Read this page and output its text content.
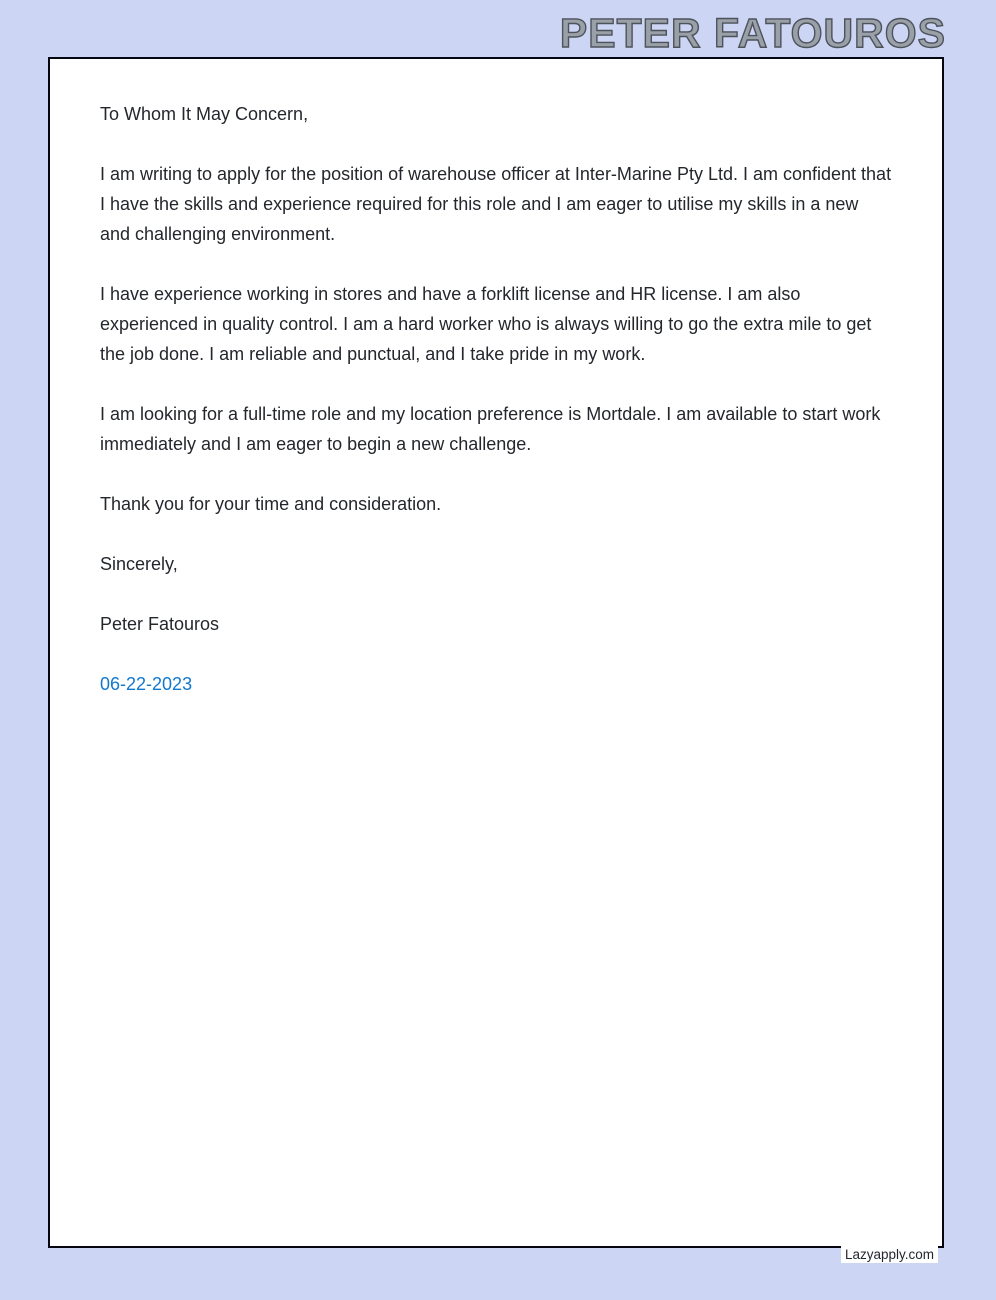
PETER FATOUROS

To Whom It May Concern,

I am writing to apply for the position of warehouse officer at Inter-Marine Pty Ltd. I am confident that I have the skills and experience required for this role and I am eager to utilise my skills in a new and challenging environment.

I have experience working in stores and have a forklift license and HR license. I am also experienced in quality control. I am a hard worker who is always willing to go the extra mile to get the job done. I am reliable and punctual, and I take pride in my work.

I am looking for a full-time role and my location preference is Mortdale. I am available to start work immediately and I am eager to begin a new challenge.

Thank you for your time and consideration.

Sincerely,

Peter Fatouros

06-22-2023

Lazyapply.com
